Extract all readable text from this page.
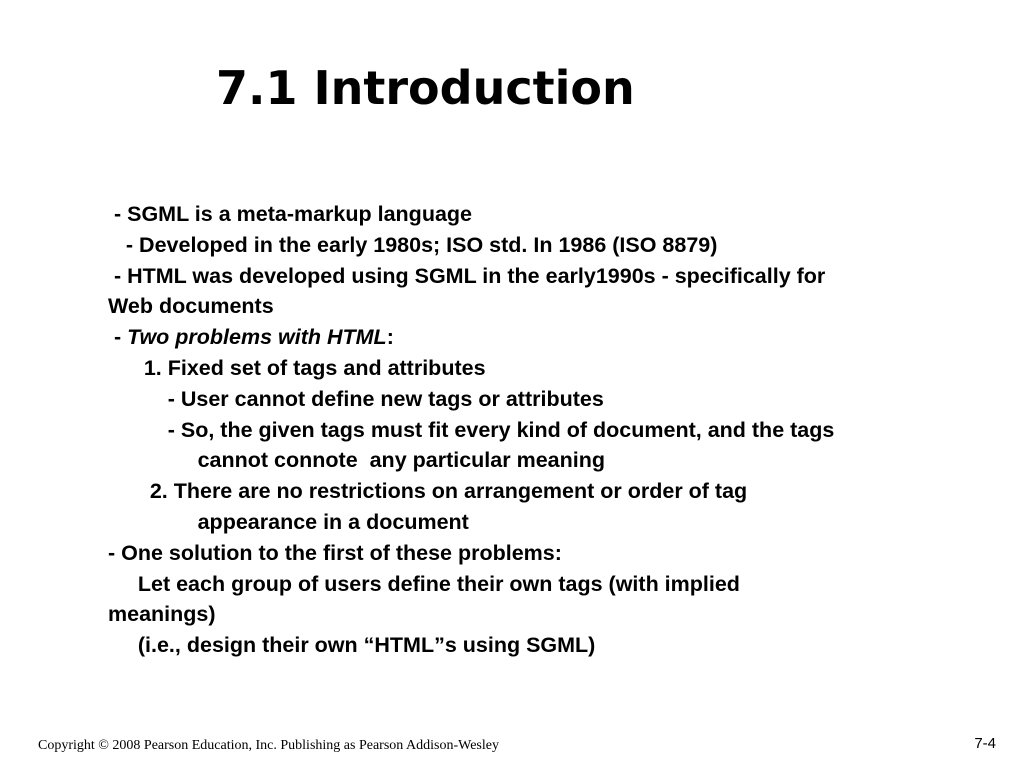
7.1 Introduction
- SGML is a meta-markup language
- Developed in the early 1980s; ISO std. In 1986 (ISO 8879)
- HTML was developed using SGML in the early1990s - specifically for
Web documents
- Two problems with HTML:
1. Fixed set of tags and attributes
- User cannot define new tags or attributes
- So, the given tags must fit every kind of document, and the tags
cannot connote  any particular meaning
2. There are no restrictions on arrangement or order of tag
appearance in a document
- One solution to the first of these problems:
Let each group of users define their own tags (with implied
meanings)
(i.e., design their own “HTML”s using SGML)
Copyright © 2008 Pearson Education, Inc. Publishing as Pearson Addison-Wesley	7-4
